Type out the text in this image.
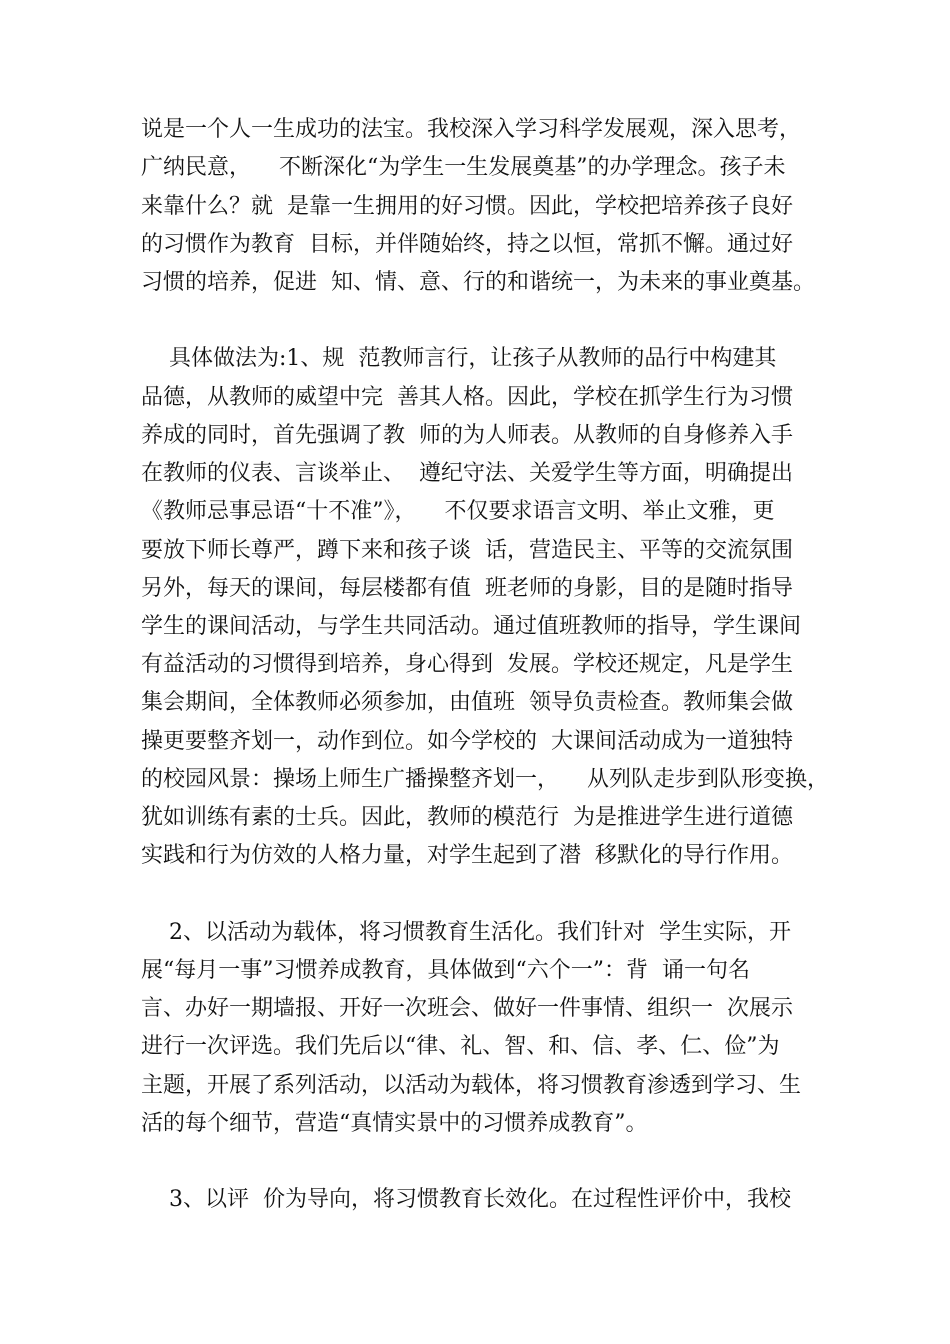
说是一个人一生成功的法宝。我校深入学习科学发展观，深入思考，
广纳民意，    不断深化“为学生一生发展奠基”的办学理念。孩子未
来靠什么？就  是靠一生拥用的好习惯。因此，学校把培养孩子良好
的习惯作为教育  目标，并伴随始终，持之以恒，常抓不懈。通过好
习惯的培养，促进  知、情、意、行的和谐统一，为未来的事业奠基。
具体做法为:1、规  范教师言行，让孩子从教师的品行中构建其
品德，从教师的威望中完  善其人格。因此，学校在抓学生行为习惯
养成的同时，首先强调了教  师的为人师表。从教师的自身修养入手
在教师的仪表、言谈举止、  遵纪守法、关爱学生等方面，明确提出
《教师忌事忌语“十不准”》，    不仅要求语言文明、举止文雅，更
要放下师长尊严，蹲下来和孩子谈  话，营造民主、平等的交流氛围
另外，每天的课间，每层楼都有值  班老师的身影，目的是随时指导
学生的课间活动，与学生共同活动。通过值班教师的指导，学生课间
有益活动的习惯得到培养，身心得到  发展。学校还规定，凡是学生
集会期间，全体教师必须参加，由值班  领导负责检查。教师集会做
操更要整齐划一，动作到位。如今学校的  大课间活动成为一道独特
的校园风景：操场上师生广播操整齐划一，    从列队走步到队形变换，
犹如训练有素的士兵。因此，教师的模范行  为是推进学生进行道德
实践和行为仿效的人格力量，对学生起到了潜  移默化的导行作用。
2、以活动为载体，将习惯教育生活化。我们针对  学生实际，开
展“每月一事”习惯养成教育，具体做到“六个一”：背  诵一句名
言、办好一期墙报、开好一次班会、做好一件事情、组织一  次展示
进行一次评选。我们先后以“律、礼、智、和、信、孝、仁、俭”为
主题，开展了系列活动，以活动为载体，将习惯教育渗透到学习、生
活的每个细节，营造“真情实景中的习惯养成教育”。
3、以评  价为导向，将习惯教育长效化。在过程性评价中，我校
